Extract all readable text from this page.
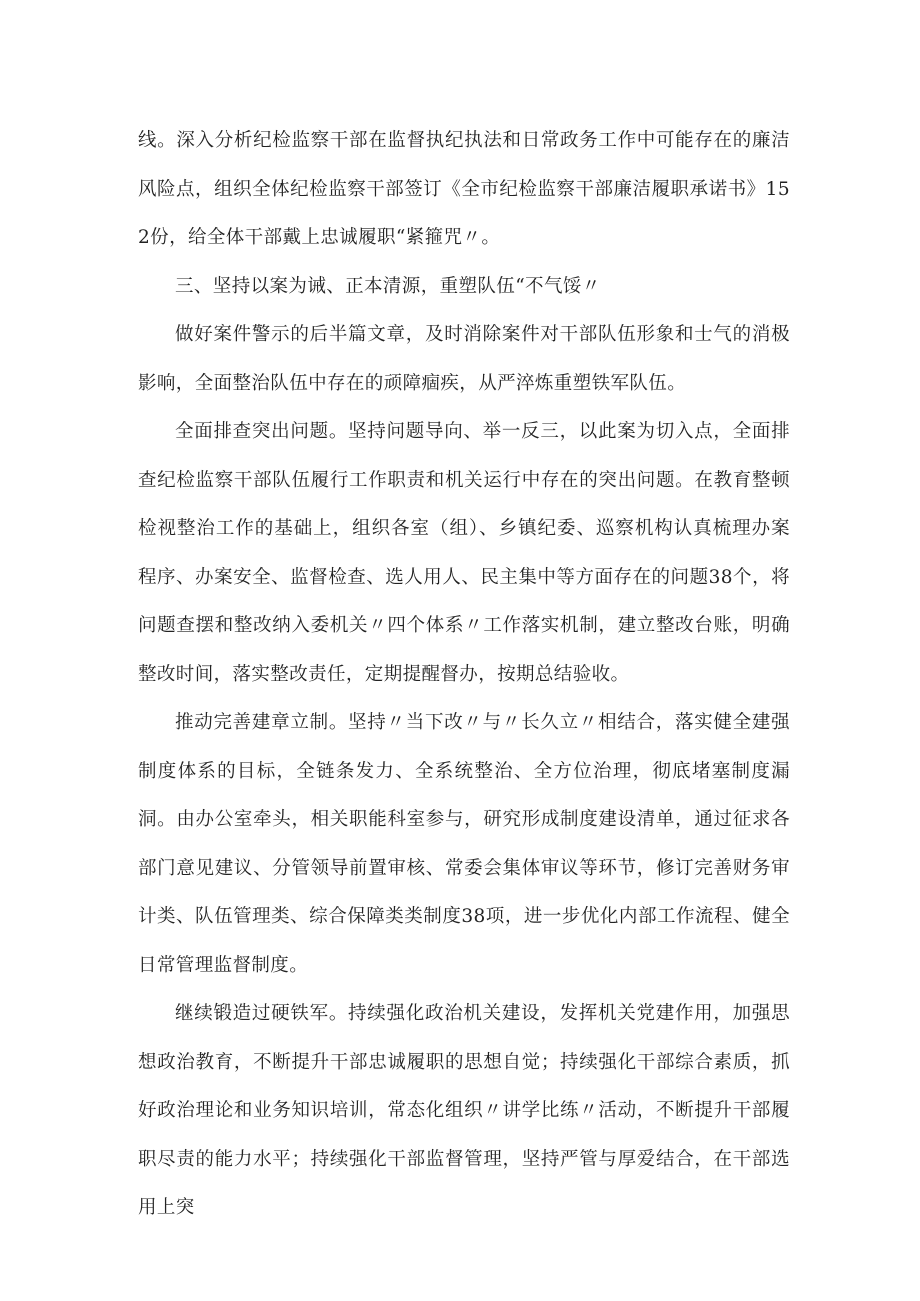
线。深入分析纪检监察干部在监督执纪执法和日常政务工作中可能存在的廉洁风险点，组织全体纪检监察干部签订《全市纪检监察干部廉洁履职承诺书》152份，给全体干部戴上忠诚履职“紧箍咒〃。

三、坚持以案为诫、正本清源，重塑队伍“不气馁〃

做好案件警示的后半篇文章，及时消除案件对干部队伍形象和士气的消极影响，全面整治队伍中存在的顽障痼疾，从严淬炼重塑铁军队伍。

全面排查突出问题。坚持问题导向、举一反三，以此案为切入点，全面排查纪检监察干部队伍履行工作职责和机关运行中存在的突出问题。在教育整顿检视整治工作的基础上，组织各室（组）、乡镇纪委、巡察机构认真梳理办案程序、办案安全、监督检查、选人用人、民主集中等方面存在的问题38个，将问题查摆和整改纳入委机关〃四个体系〃工作落实机制，建立整改台账，明确整改时间，落实整改责任，定期提醒督办，按期总结验收。

推动完善建章立制。坚持〃当下改〃与〃长久立〃相结合，落实健全建强制度体系的目标，全链条发力、全系统整治、全方位治理，彻底堵塞制度漏洞。由办公室牵头，相关职能科室参与，研究形成制度建设清单，通过征求各部门意见建议、分管领导前置审核、常委会集体审议等环节，修订完善财务审计类、队伍管理类、综合保障类类制度38项，进一步优化内部工作流程、健全日常管理监督制度。

继续锻造过硬铁军。持续强化政治机关建设，发挥机关党建作用，加强思想政治教育，不断提升干部忠诚履职的思想自觉；持续强化干部综合素质，抓好政治理论和业务知识培训，常态化组织〃讲学比练〃活动，不断提升干部履职尽责的能力水平；持续强化干部监督管理，坚持严管与厚爱结合，在干部选用上突
